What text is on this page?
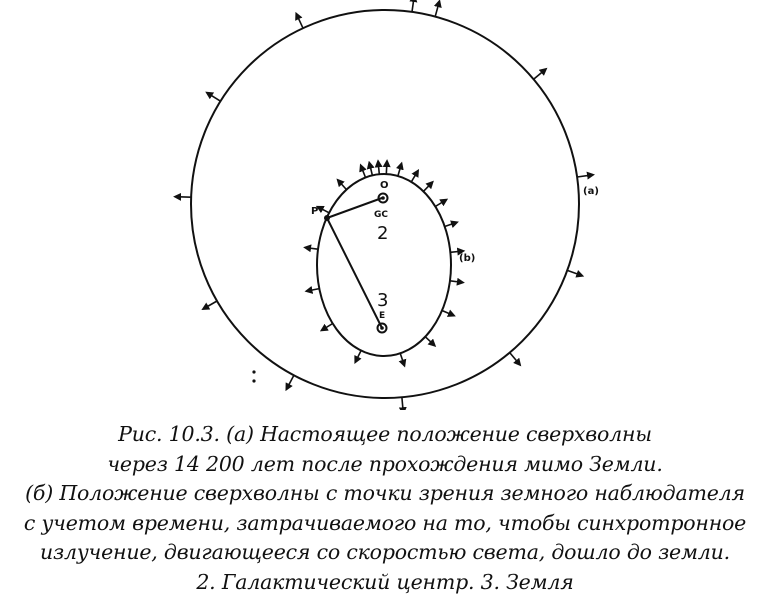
P
O
GC
2
3
E
(a)
(b)
Рис. 10.3. (а) Настоящее положение сверхволны
через 14 200 лет после прохождения мимо Земли.
(б) Положение сверхволны с точки зрения земного наблюдателя
с учетом времени, затрачиваемого на то, чтобы синхротронное
излучение, двигающееся со скоростью света, дошло до земли.
2. Галактический центр. 3. Земля
